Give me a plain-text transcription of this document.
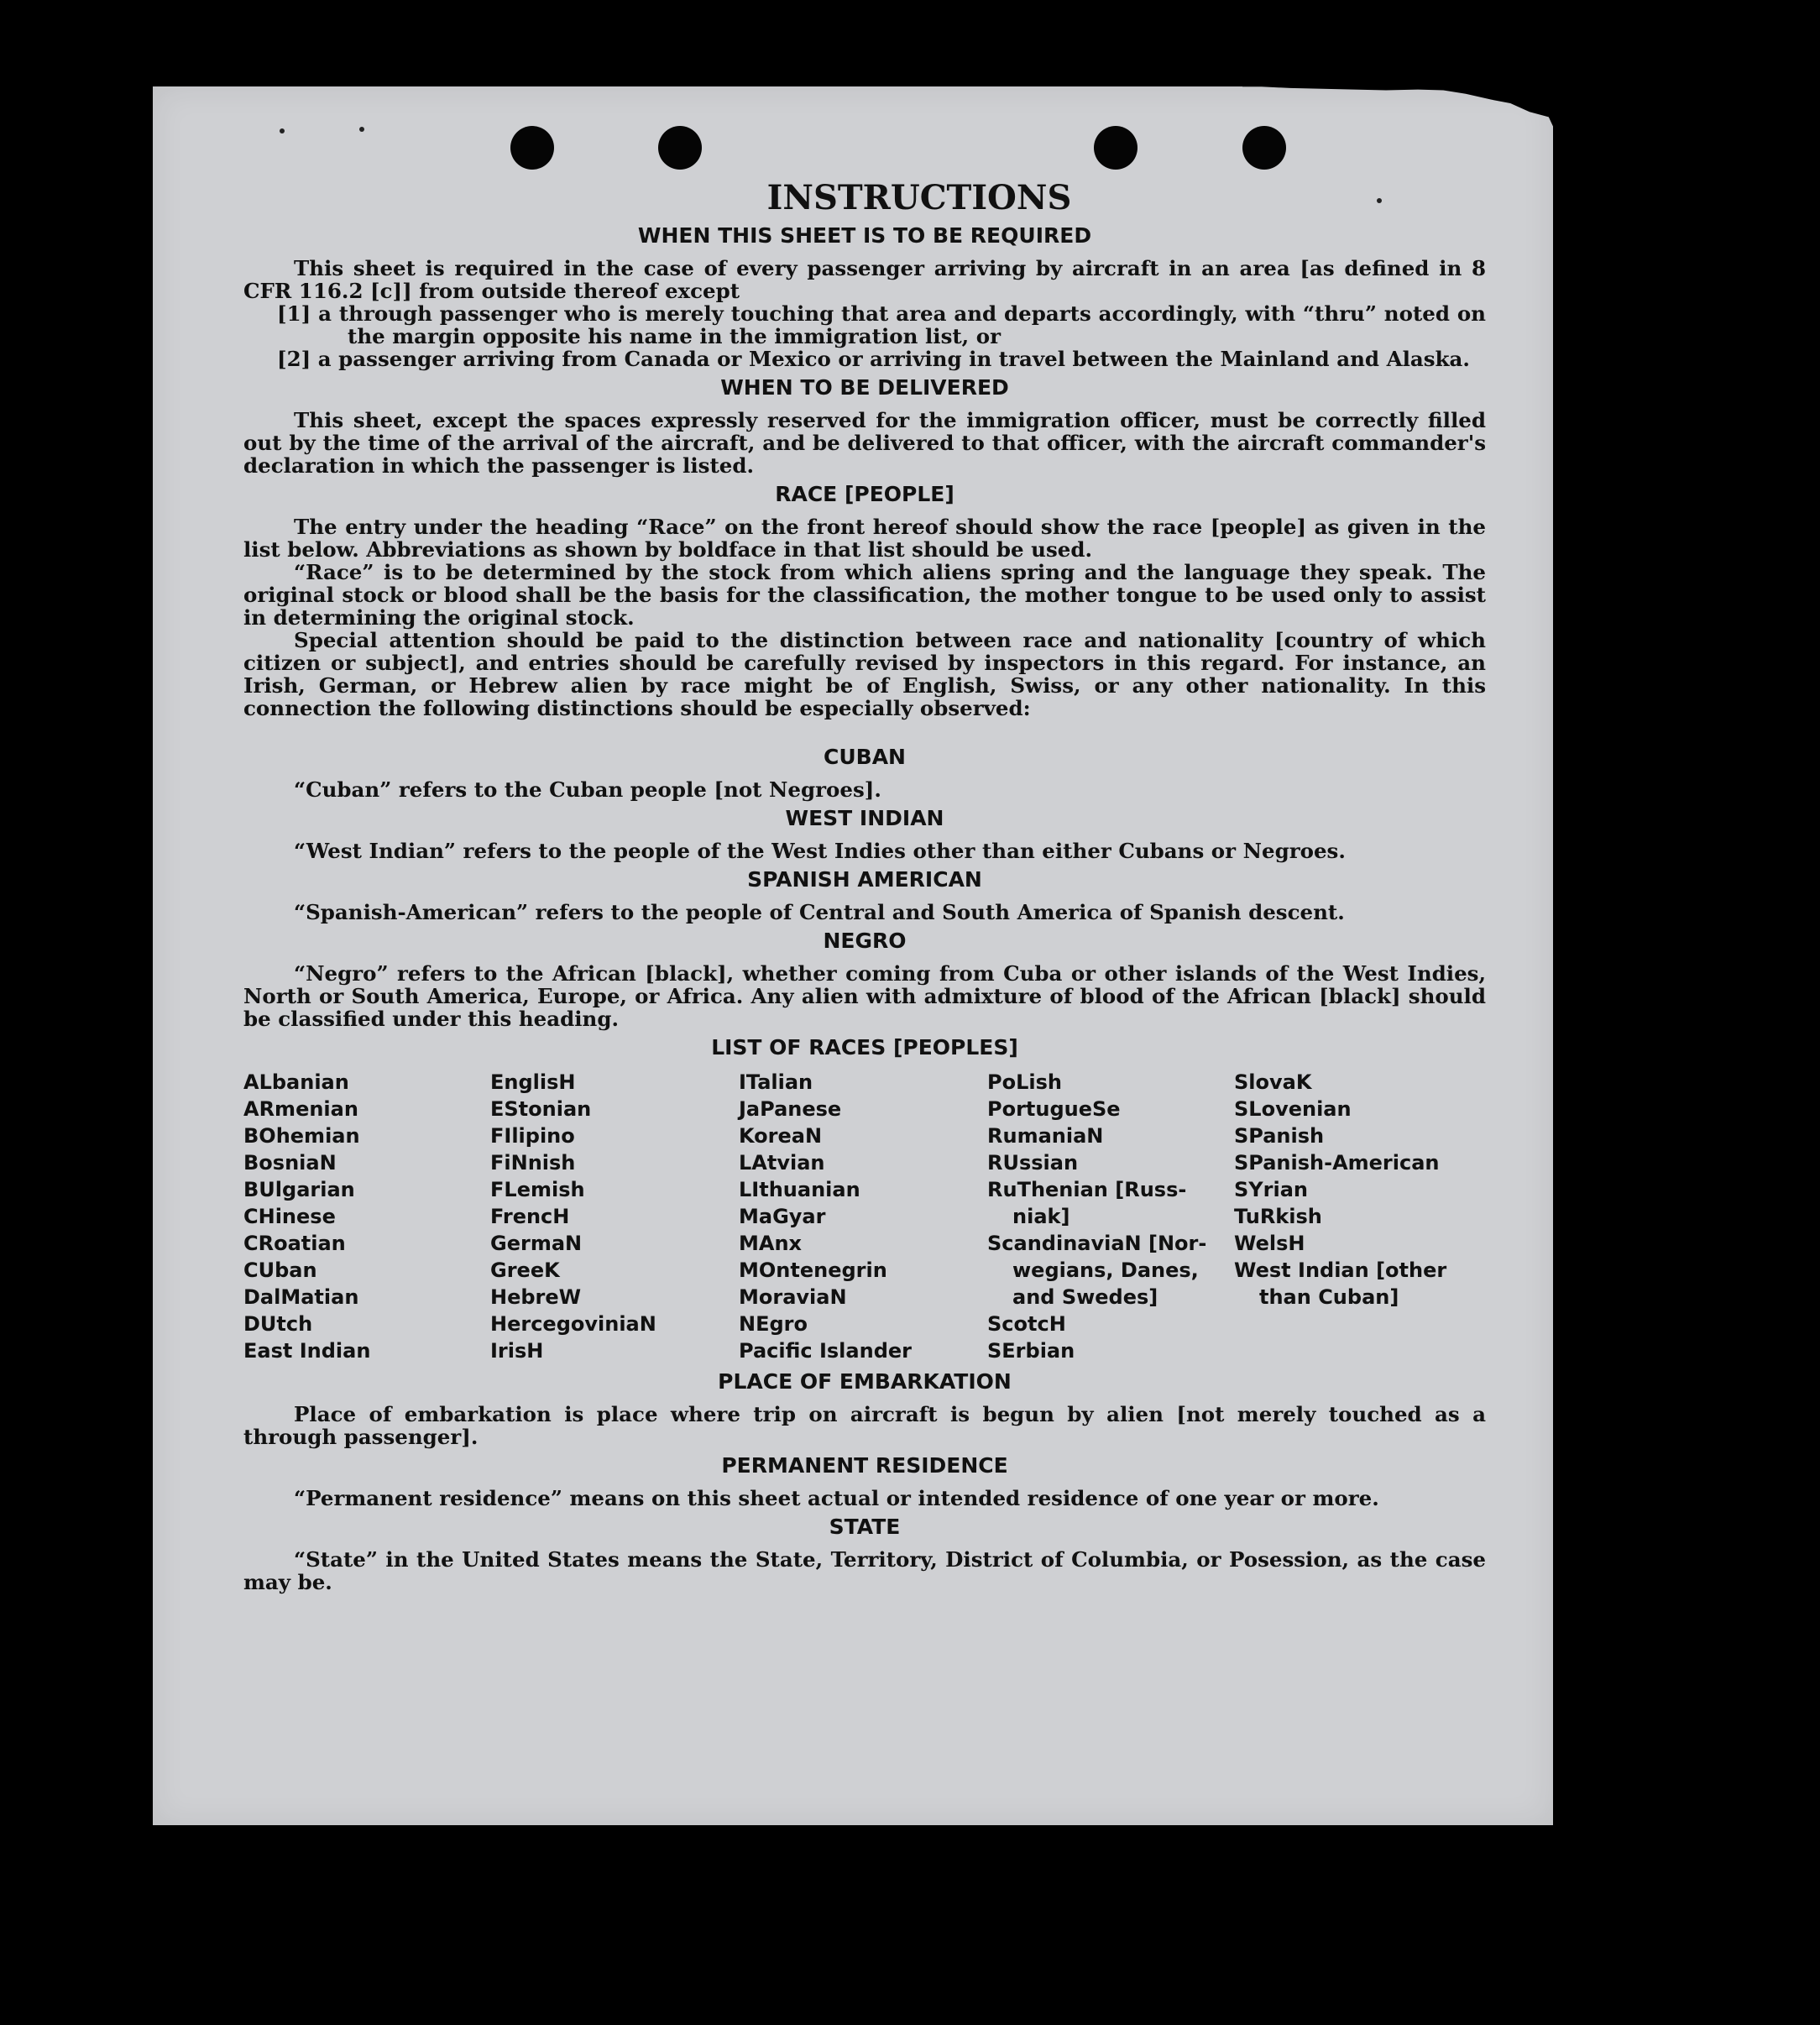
INSTRUCTIONS
WHEN THIS SHEET IS TO BE REQUIRED

This sheet is required in the case of every passenger arriving by aircraft in an area [as defined in 8 CFR 116.2 [c]] from outside thereof except

[1] a through passenger who is merely touching that area and departs accordingly, with “thru” noted on the margin opposite his name in the immigration list, or

[2] a passenger arriving from Canada or Mexico or arriving in travel between the Mainland and Alaska.

WHEN TO BE DELIVERED

This sheet, except the spaces expressly reserved for the immigration officer, must be correctly filled out by the time of the arrival of the aircraft, and be delivered to that officer, with the aircraft commander's declaration in which the passenger is listed.

RACE [PEOPLE]

The entry under the heading “Race” on the front hereof should show the race [people] as given in the list below. Abbreviations as shown by boldface in that list should be used.

“Race” is to be determined by the stock from which aliens spring and the language they speak. The original stock or blood shall be the basis for the classification, the mother tongue to be used only to assist in determining the original stock.

Special attention should be paid to the distinction between race and nationality [country of which citizen or subject], and entries should be carefully revised by inspectors in this regard. For instance, an Irish, German, or Hebrew alien by race might be of English, Swiss, or any other nationality. In this connection the following distinctions should be especially observed:

CUBAN

“Cuban” refers to the Cuban people [not Negroes].

WEST INDIAN

“West Indian” refers to the people of the West Indies other than either Cubans or Negroes.

SPANISH AMERICAN

“Spanish-American” refers to the people of Central and South America of Spanish descent.

NEGRO

“Negro” refers to the African [black], whether coming from Cuba or other islands of the West Indies, North or South America, Europe, or Africa. Any alien with admixture of blood of the African [black] should be classified under this heading.

LIST OF RACES [PEOPLES]
ALbanian
ARmenian
BOhemian
BosniaN
BUlgarian
CHinese
CRoatian
CUban
DalMatian
DUtch
East Indian
EnglisH
EStonian
FIlipino
FiNnish
FLemish
FrencH
GermaN
GreeK
HebreW
HercegoviniaN
IrisH
ITalian
JaPanese
KoreaN
LAtvian
LIthuanian
MaGyar
MAnx
MOntenegrin
MoraviaN
NEgro
Pacific Islander
PoLish
PortugueSe
RumaniaN
RUssian
RuThenian [Russ-
niak]
ScandinaviaN [Nor-
wegians, Danes,
and Swedes]
ScotcH
SErbian
SlovaK
SLovenian
SPanish
SPanish-American
SYrian
TuRkish
WelsH
West Indian [other
than Cuban]
PLACE OF EMBARKATION

Place of embarkation is place where trip on aircraft is begun by alien [not merely touched as a through passenger].

PERMANENT RESIDENCE

“Permanent residence” means on this sheet actual or intended residence of one year or more.

STATE

“State” in the United States means the State, Territory, District of Columbia, or Posession, as the case may be.
